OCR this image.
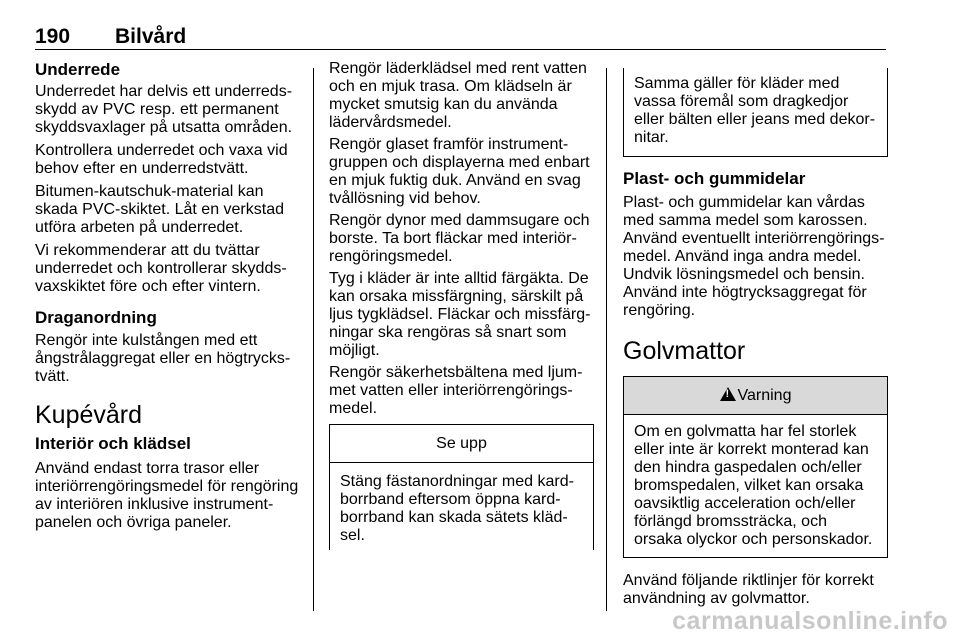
190 Bilvård
Underrede

Underredet har delvis ett underreds-
skydd av PVC resp. ett permanent
skyddsvaxlager på utsatta områden.

Kontrollera underredet och vaxa vid
behov efter en underredstvätt.

Bitumen-kautschuk-material kan
skada PVC-skiktet. Låt en verkstad
utföra arbeten på underredet.

Vi rekommenderar att du tvättar
underredet och kontrollerar skydds-
vaxskiktet före och efter vintern.

Draganordning

Rengör inte kulstången med ett
ångstrålaggregat eller en högtrycks-
tvätt.

Kupévård
Interiör och klädsel

Använd endast torra trasor eller
interiörrengöringsmedel för rengöring
av interiören inklusive instrument-
panelen och övriga paneler.

Rengör läderklädsel med rent vatten
och en mjuk trasa. Om klädseln är
mycket smutsig kan du använda
lädervårdsmedel.

Rengör glaset framför instrument-
gruppen och displayerna med enbart
en mjuk fuktig duk. Använd en svag
tvållösning vid behov.

Rengör dynor med dammsugare och
borste. Ta bort fläckar med interiör-
rengöringsmedel.

Tyg i kläder är inte alltid färgäkta. De
kan orsaka missfärgning, särskilt på
ljus tygklädsel. Fläckar och missfärg-
ningar ska rengöras så snart som
möjligt.

Rengör säkerhetsbältena med ljum-
met vatten eller interiörrengörings-
medel.

Se upp
Stäng fästanordningar med kard-
borrband eftersom öppna kard-
borrband kan skada sätets kläd-
sel.
Samma gäller för kläder med
vassa föremål som dragkedjor
eller bälten eller jeans med dekor-
nitar.
Plast- och gummidelar

Plast- och gummidelar kan vårdas
med samma medel som karossen.
Använd eventuellt interiörrengörings-
medel. Använd inga andra medel.
Undvik lösningsmedel och bensin.
Använd inte högtrycksaggregat för
rengöring.

Golvmattor
!Varning
Om en golvmatta har fel storlek
eller inte är korrekt monterad kan
den hindra gaspedalen och/eller
bromspedalen, vilket kan orsaka
oavsiktlig acceleration och/eller
förlängd bromssträcka, och
orsaka olyckor och personskador.

Använd följande riktlinjer för korrekt
användning av golvmattor.

carmanualsonline.info
